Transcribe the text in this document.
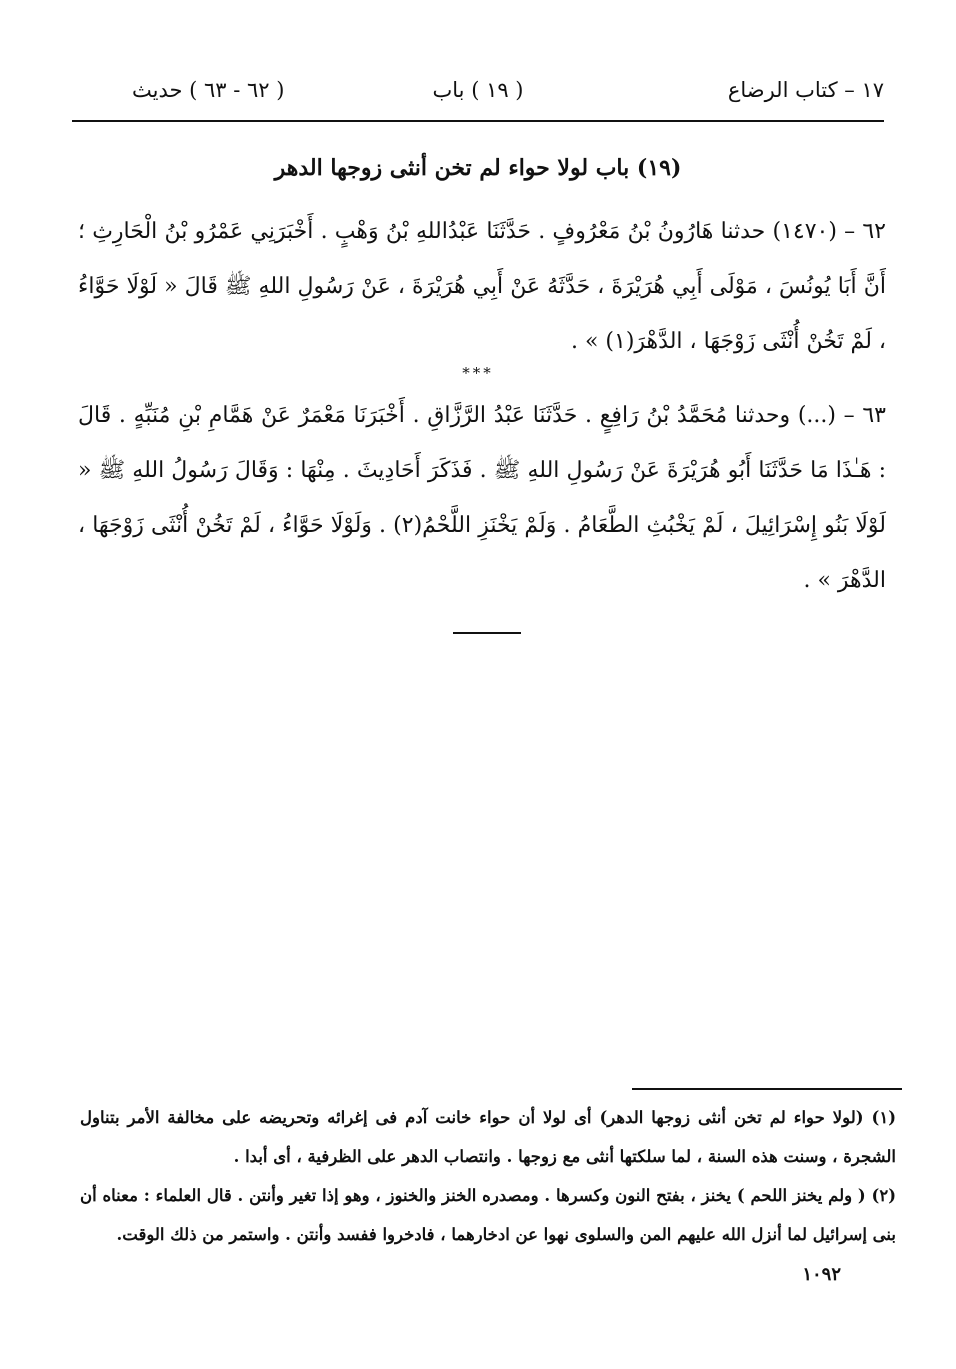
١٧ – كتاب الرضاع
( ١٩ ) باب
( ٦٢ - ٦٣ ) حديث
(١٩) باب لولا حواء لم تخن أنثى زوجها الدهر

٦٢ – (١٤٧٠) حدثنا هَارُونُ بْنُ مَعْرُوفٍ . حَدَّثَنَا عَبْدُاللهِ بْنُ وَهْبٍ . أَخْبَرَنِي عَمْرُو بْنُ الْحَارِثِ ؛ أَنَّ أَبَا يُونُسَ ، مَوْلَى أَبِي هُرَيْرَةَ ، حَدَّثَهُ عَنْ أَبِي هُرَيْرَةَ ، عَنْ رَسُولِ اللهِ ﷺ قَالَ « لَوْلَا حَوَّاءُ ، لَمْ تَخُنْ أُنْثَى زَوْجَهَا ، الدَّهْرَ(١) » .

***

٦٣ – (...) وحدثنا مُحَمَّدُ بْنُ رَافِعٍ . حَدَّثَنَا عَبْدُ الرَّزَّاقِ . أَخْبَرَنَا مَعْمَرٌ عَنْ هَمَّامِ بْنِ مُنَبِّهٍ . قَالَ : هَـٰذَا مَا حَدَّثَنَا أَبُو هُرَيْرَةَ عَنْ رَسُولِ اللهِ ﷺ . فَذَكَرَ أَحَادِيثَ . مِنْهَا : وَقَالَ رَسُولُ اللهِ ﷺ « لَوْلَا بَنُو إِسْرَائِيلَ ، لَمْ يَخْبُثِ الطَّعَامُ . وَلَمْ يَخْنَزِ اللَّحْمُ(٢) . وَلَوْلَا حَوَّاءُ ، لَمْ تَخُنْ أُنْثَى زَوْجَهَا ، الدَّهْرَ » .

(١) (لولا حواء لم تخن أنثى زوجها الدهر) أى لولا أن حواء خانت آدم فى إغرائه وتحريضه على مخالفة الأمر بتناول الشجرة ، وسنت هذه السنة ، لما سلكتها أنثى مع زوجها . وانتصاب الدهر على الظرفية ، أى أبدا .

(٢) ( ولم يخنز اللحم ) يخنز ، بفتح النون وكسرها . ومصدره الخنز والخنوز ، وهو إذا تغير وأنتن . قال العلماء : معناه أن بنى إسرائيل لما أنزل الله عليهم المن والسلوى نهوا عن ادخارهما ، فادخروا ففسد وأنتن . واستمر من ذلك الوقت.

١٠٩٢
